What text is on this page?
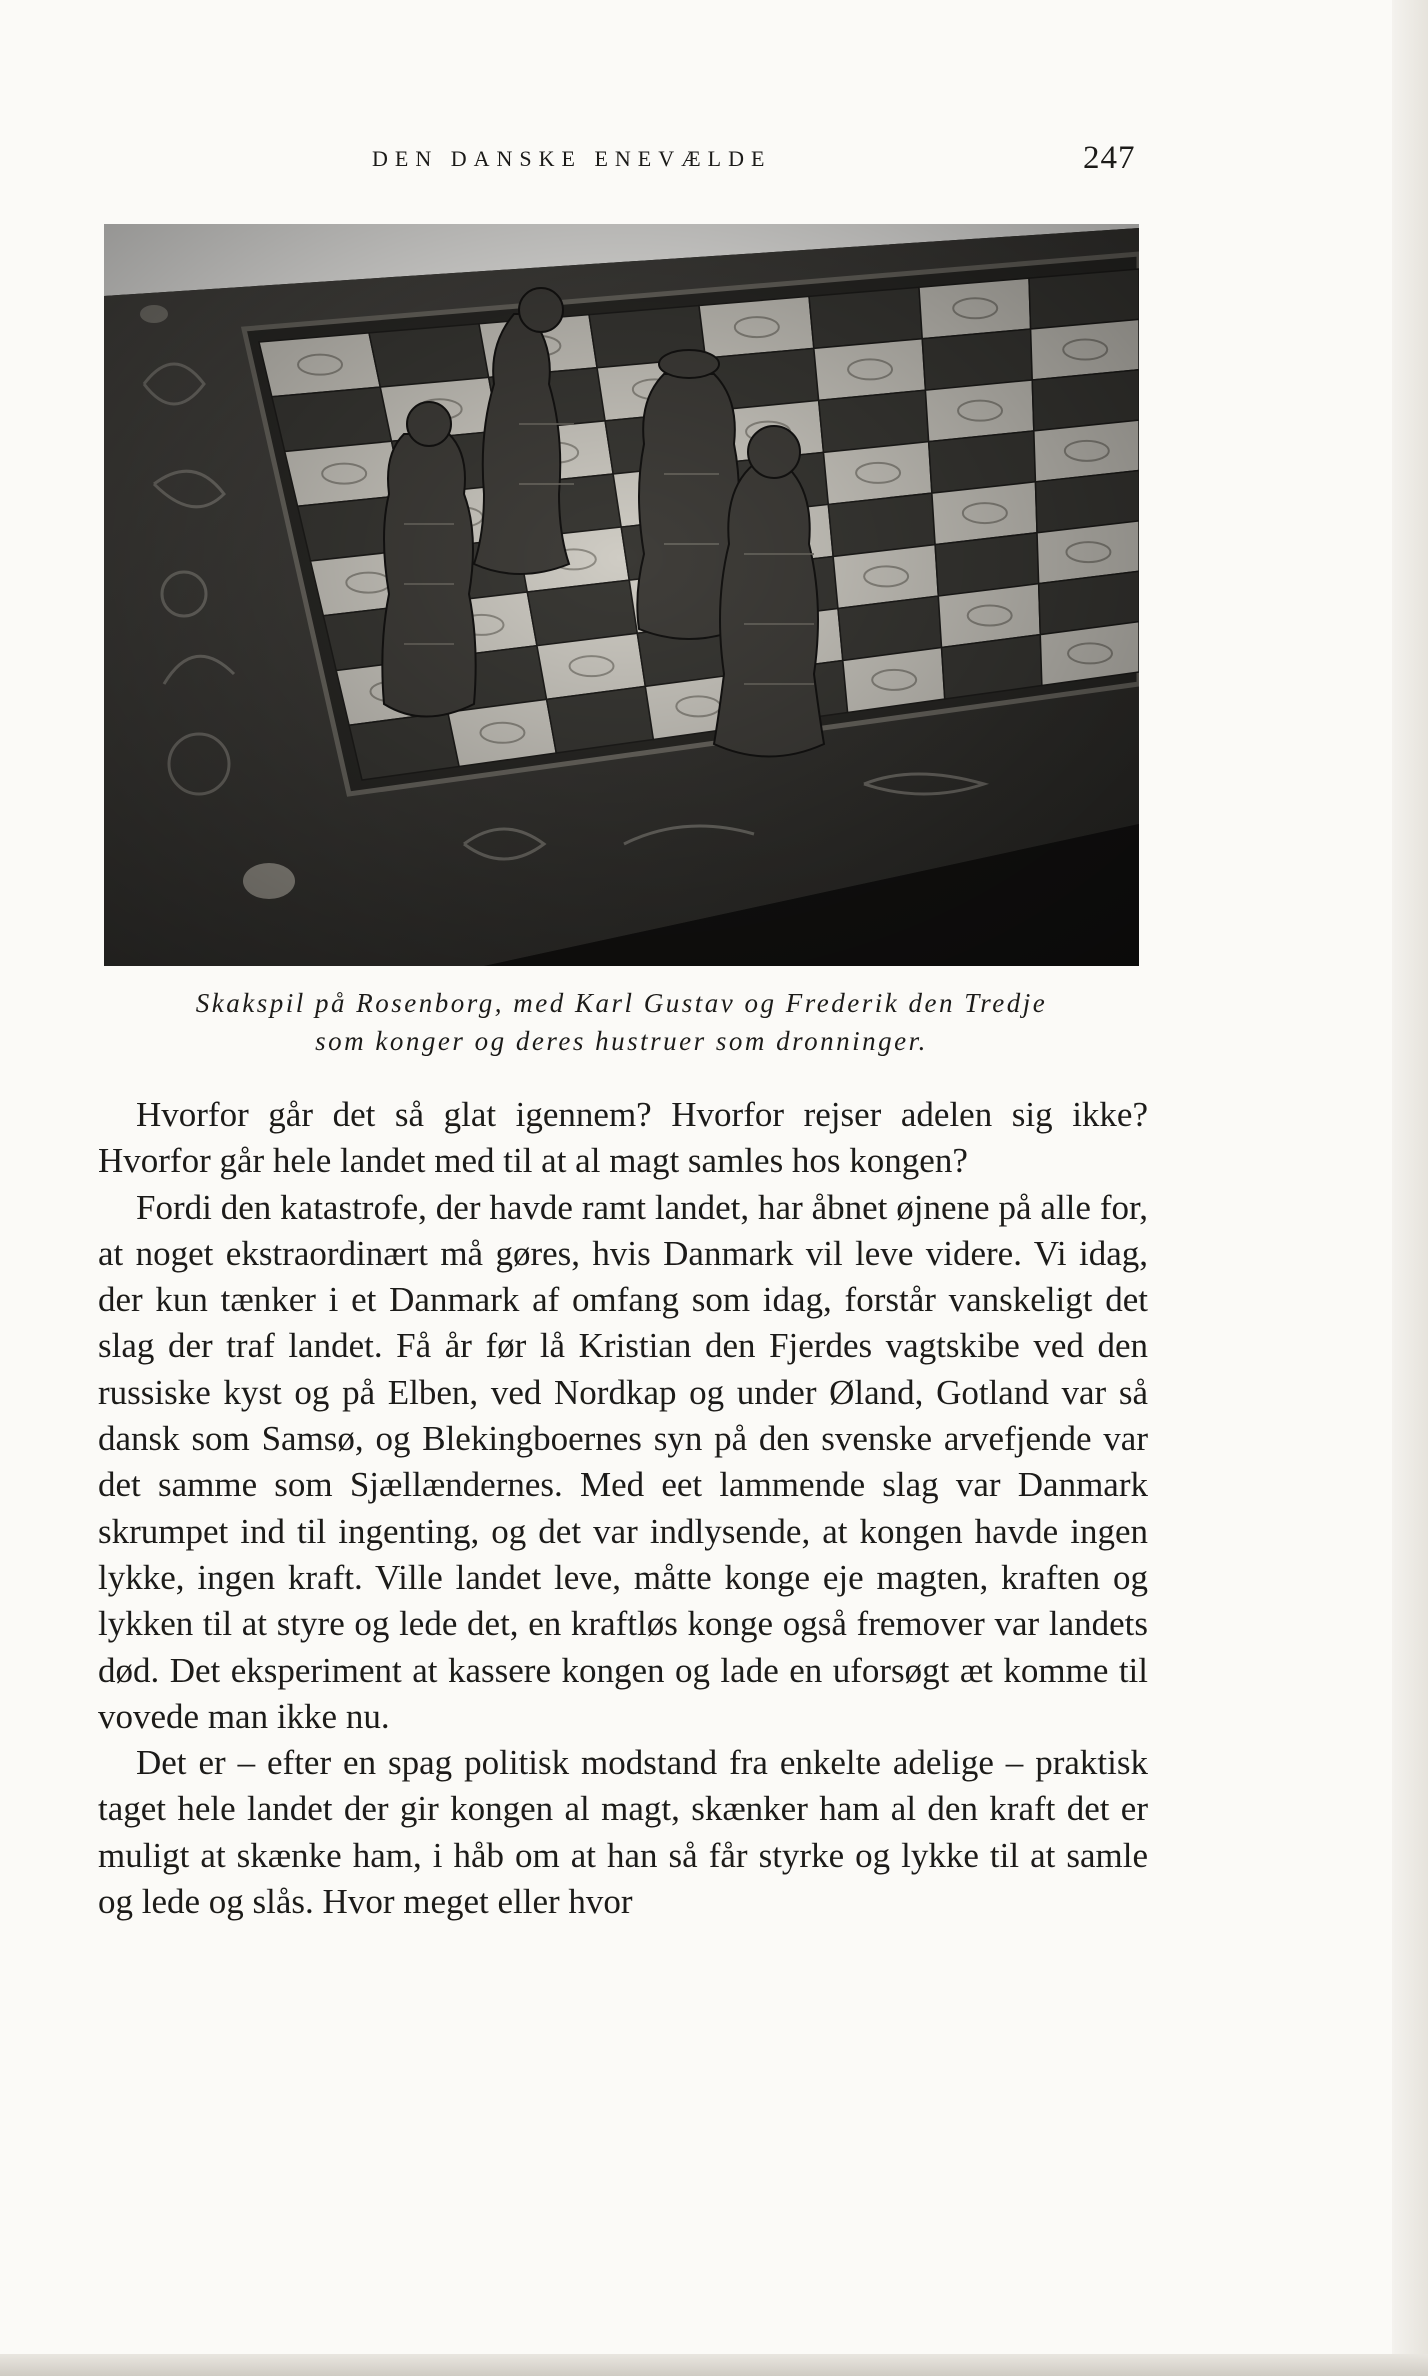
DEN DANSKE ENEVÆLDE	247
Skakspil på Rosenborg, med Karl Gustav og Frederik den Tredje
som konger og deres hustruer som dronninger.

Hvorfor går det så glat igennem? Hvorfor rejser adelen sig ikke? Hvorfor går hele landet med til at al magt samles hos kongen?

Fordi den katastrofe, der havde ramt landet, har åbnet øjnene på alle for, at noget ekstraordinært må gøres, hvis Danmark vil leve videre. Vi idag, der kun tænker i et Danmark af omfang som idag, forstår vanskeligt det slag der traf landet. Få år før lå Kristian den Fjerdes vagtskibe ved den russiske kyst og på Elben, ved Nordkap og under Øland, Gotland var så dansk som Samsø, og Blekingboernes syn på den svenske arvefjende var det samme som Sjællændernes. Med eet lammende slag var Danmark skrumpet ind til ingenting, og det var indlysende, at kongen havde ingen lykke, ingen kraft. Ville landet leve, måtte konge eje magten, kraften og lykken til at styre og lede det, en kraftløs konge også fremover var landets død. Det eksperiment at kassere kongen og lade en uforsøgt æt komme til vovede man ikke nu.

Det er – efter en spag politisk modstand fra enkelte adelige – praktisk taget hele landet der gir kongen al magt, skænker ham al den kraft det er muligt at skænke ham, i håb om at han så får styrke og lykke til at samle og lede og slås. Hvor meget eller hvor
